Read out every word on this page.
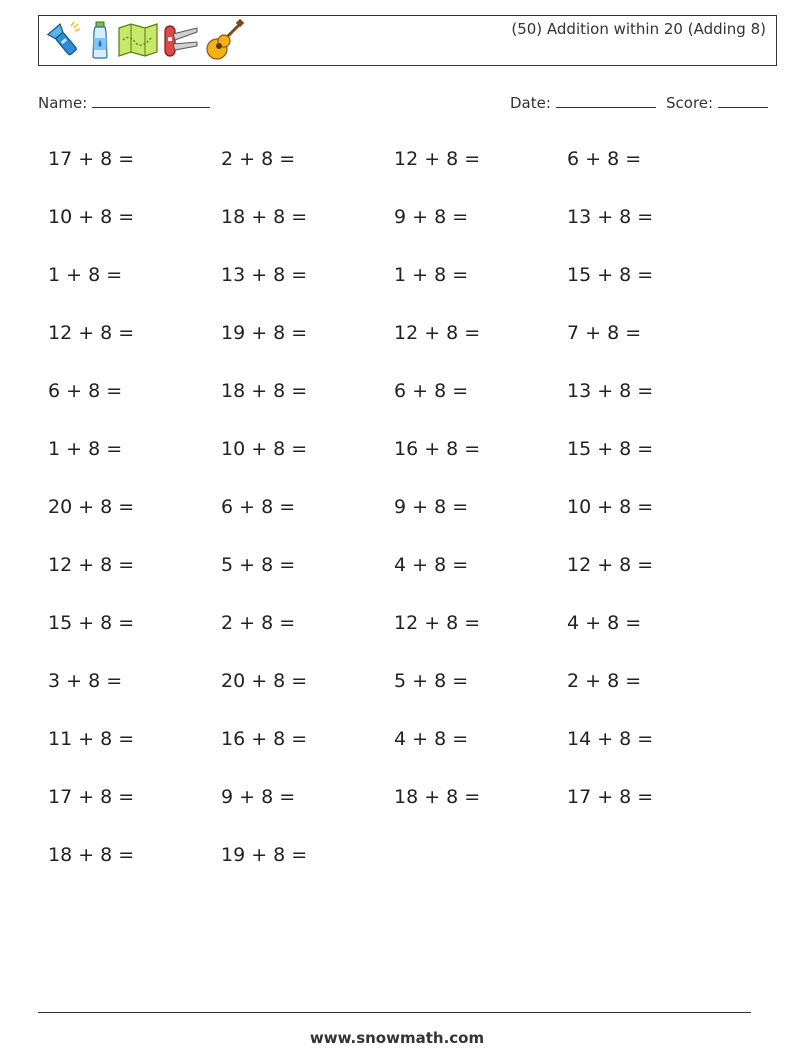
(50) Addition within 20 (Adding 8)
Name:	Date:	Score:
17 + 8 =	2 + 8 =	12 + 8 =	6 + 8 =
10 + 8 =	18 + 8 =	9 + 8 =	13 + 8 =
1 + 8 =	13 + 8 =	1 + 8 =	15 + 8 =
12 + 8 =	19 + 8 =	12 + 8 =	7 + 8 =
6 + 8 =	18 + 8 =	6 + 8 =	13 + 8 =
1 + 8 =	10 + 8 =	16 + 8 =	15 + 8 =
20 + 8 =	6 + 8 =	9 + 8 =	10 + 8 =
12 + 8 =	5 + 8 =	4 + 8 =	12 + 8 =
15 + 8 =	2 + 8 =	12 + 8 =	4 + 8 =
3 + 8 =	20 + 8 =	5 + 8 =	2 + 8 =
11 + 8 =	16 + 8 =	4 + 8 =	14 + 8 =
17 + 8 =	9 + 8 =	18 + 8 =	17 + 8 =
18 + 8 =	19 + 8 =
www.snowmath.com
